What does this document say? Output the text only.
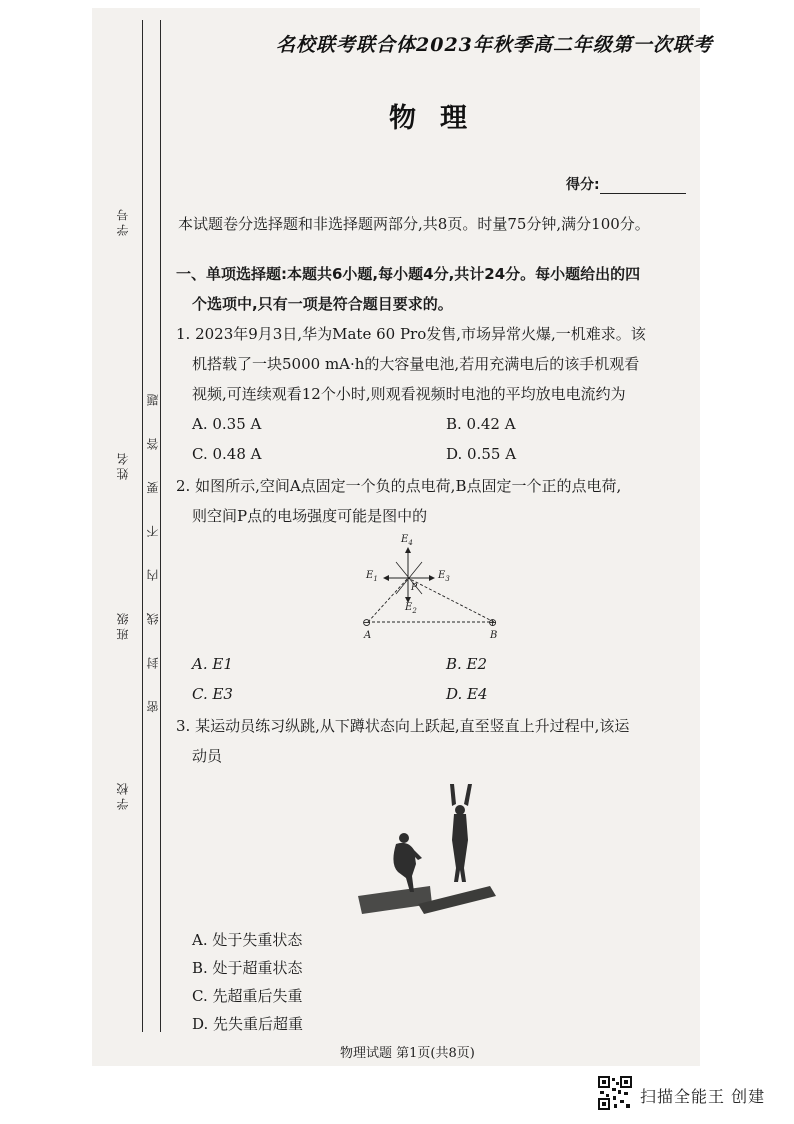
学号
姓名
班级
学校
密 封 线 内 不 要 答 题
名校联考联合体2023年秋季高二年级第一次联考
物理
得分:
本试题卷分选择题和非选择题两部分,共8页。时量75分钟,满分100分。
一、单项选择题:本题共6小题,每小题4分,共计24分。每小题给出的四
个选项中,只有一项是符合题目要求的。
1. 2023年9月3日,华为Mate 60 Pro发售,市场异常火爆,一机难求。该
机搭载了一块5000 mA·h的大容量电池,若用充满电后的该手机观看
视频,可连续观看12个小时,则观看视频时电池的平均放电电流约为
A. 0.35 A	B. 0.42 A
C. 0.48 A	D. 0.55 A
2. 如图所示,空间A点固定一个负的点电荷,B点固定一个正的点电荷,
则空间P点的电场强度可能是图中的
$E_4$
$E_1$	$E_3$
$E_2$
P
⊖	⊕
A	B
A. E1	B. E2
C. E3	D. E4
3. 某运动员练习纵跳,从下蹲状态向上跃起,直至竖直上升过程中,该运
动员
A. 处于失重状态
B. 处于超重状态
C. 先超重后失重
D. 先失重后超重
物理试题 第1页(共8页)
扫描全能王 创建
